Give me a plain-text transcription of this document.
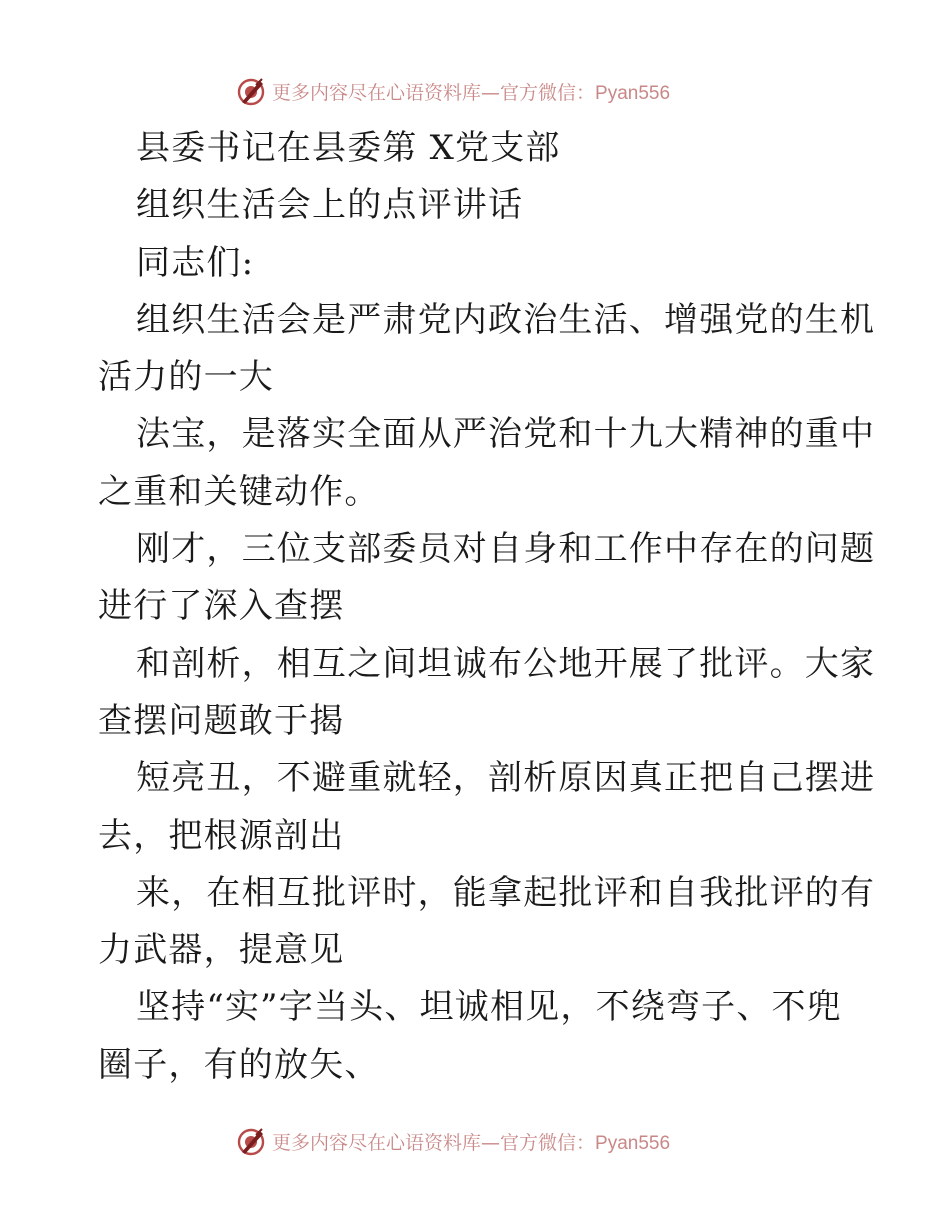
更多内容尽在心语资料库—官方微信：Pyan556
县委书记在县委第 X党支部
组织生活会上的点评讲话
同志们:
组织生活会是严肃党内政治生活、增强党的生机
活力的一大
法宝，是落实全面从严治党和十九大精神的重中
之重和关键动作。
刚才，三位支部委员对自身和工作中存在的问题
进行了深入查摆
和剖析，相互之间坦诚布公地开展了批评。大家
查摆问题敢于揭
短亮丑，不避重就轻，剖析原因真正把自己摆进
去，把根源剖出
来，在相互批评时，能拿起批评和自我批评的有
力武器，提意见
坚持“实”字当头、坦诚相见，不绕弯子、不兜
圈子，有的放矢、
更多内容尽在心语资料库—官方微信：Pyan556
